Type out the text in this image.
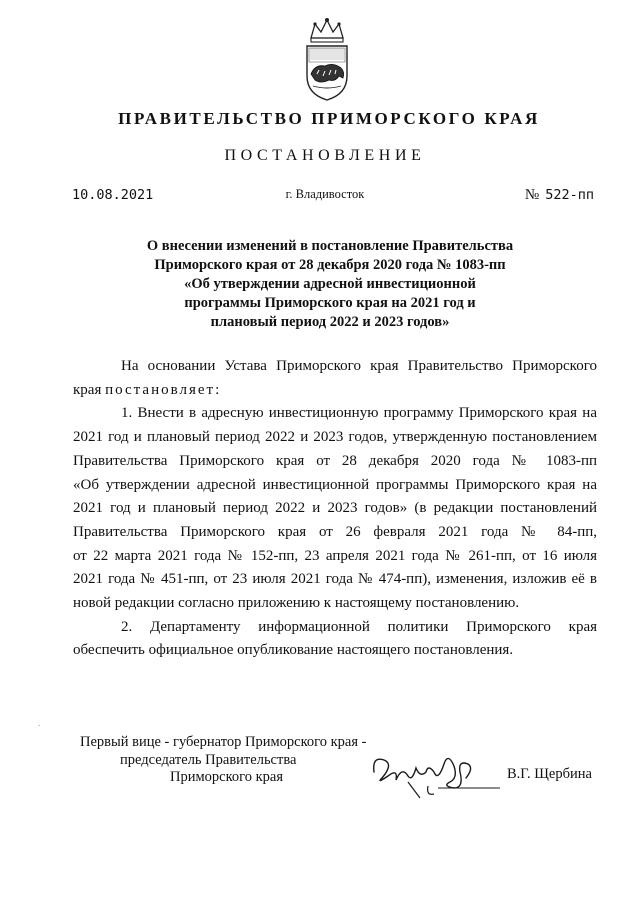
ПРАВИТЕЛЬСТВО ПРИМОРСКОГО КРАЯ
ПОСТАНОВЛЕНИЕ
10.08.2021	г. Владивосток	№ 522-пп
О внесении изменений в постановление Правительства
Приморского края от 28 декабря 2020 года № 1083-пп
«Об утверждении адресной инвестиционной
программы Приморского края на 2021 год и
плановый период 2022 и 2023 годов»
На основании Устава Приморского края Правительство Приморского
края постановляет:
1. Внести в адресную инвестиционную программу Приморского края на
2021 год и плановый период 2022 и 2023 годов, утвержденную постановлением
Правительства Приморского края от 28 декабря 2020 года № 1083-пп
«Об утверждении адресной инвестиционной программы Приморского края на
2021 год и плановый период 2022 и 2023 годов» (в редакции постановлений
Правительства Приморского края от 26 февраля 2021 года № 84-пп,
от 22 марта 2021 года № 152-пп, 23 апреля 2021 года № 261-пп, от 16 июля
2021 года № 451-пп, от 23 июля 2021 года № 474-пп), изменения, изложив её в
новой редакции согласно приложению к настоящему постановлению.
2. Департаменту информационной политики Приморского края
обеспечить официальное опубликование настоящего постановления.
.
Первый вице - губернатор Приморского края -
председатель Правительства
Приморского края	В.Г. Щербина
